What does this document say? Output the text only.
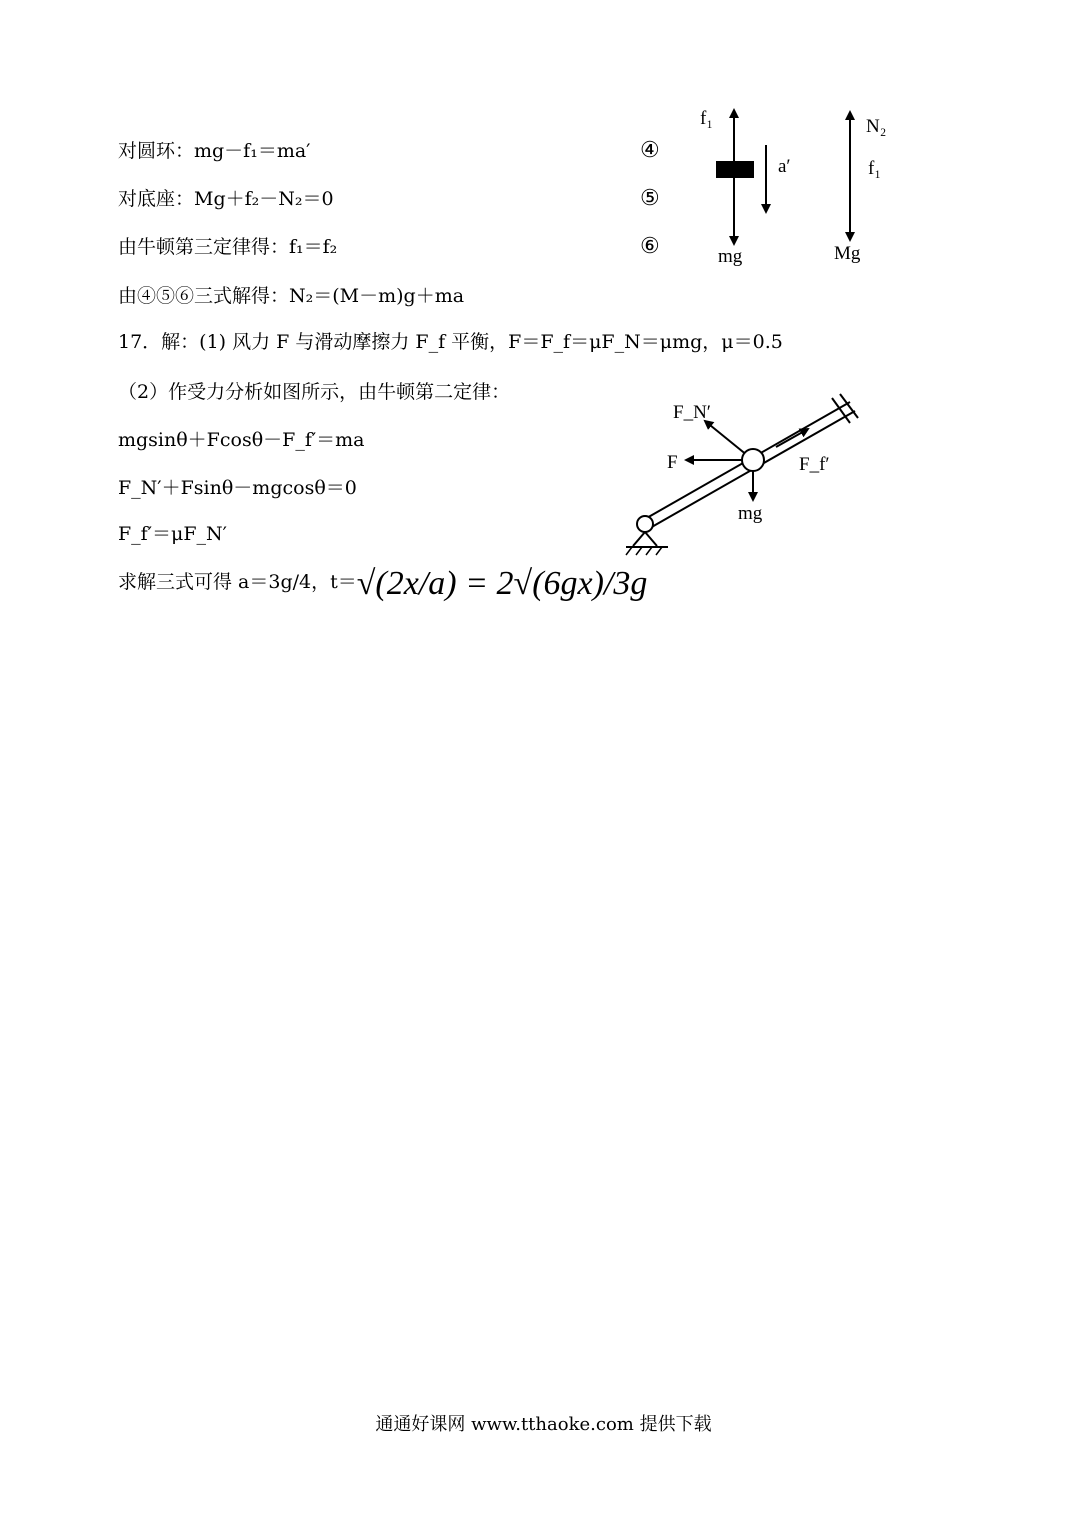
对圆环：mg－f₁＝ma′
对底座：Mg＋f₂－N₂＝0
由牛顿第三定律得：f₁＝f₂
由④⑤⑥三式解得：N₂＝(M－m)g＋ma
17．解：(1) 风力 F 与滑动摩擦力 F_f 平衡，F＝F_f＝μF_N＝μmg，μ＝0.5
（2）作受力分析如图所示，由牛顿第二定律：
mgsinθ＋Fcosθ－F_f′＝ma
F_N′＋Fsinθ－mgcosθ＝0
F_f′＝μF_N′
求解三式可得 a＝3g/4，t＝√(2x/a) = 2√(6gx)/3g
④
⑤
⑥
f₁
a′
mg
N₂
f₁
Mg
F_N′
F	F_f′
mg
通通好课网 www.tthaoke.com 提供下载
